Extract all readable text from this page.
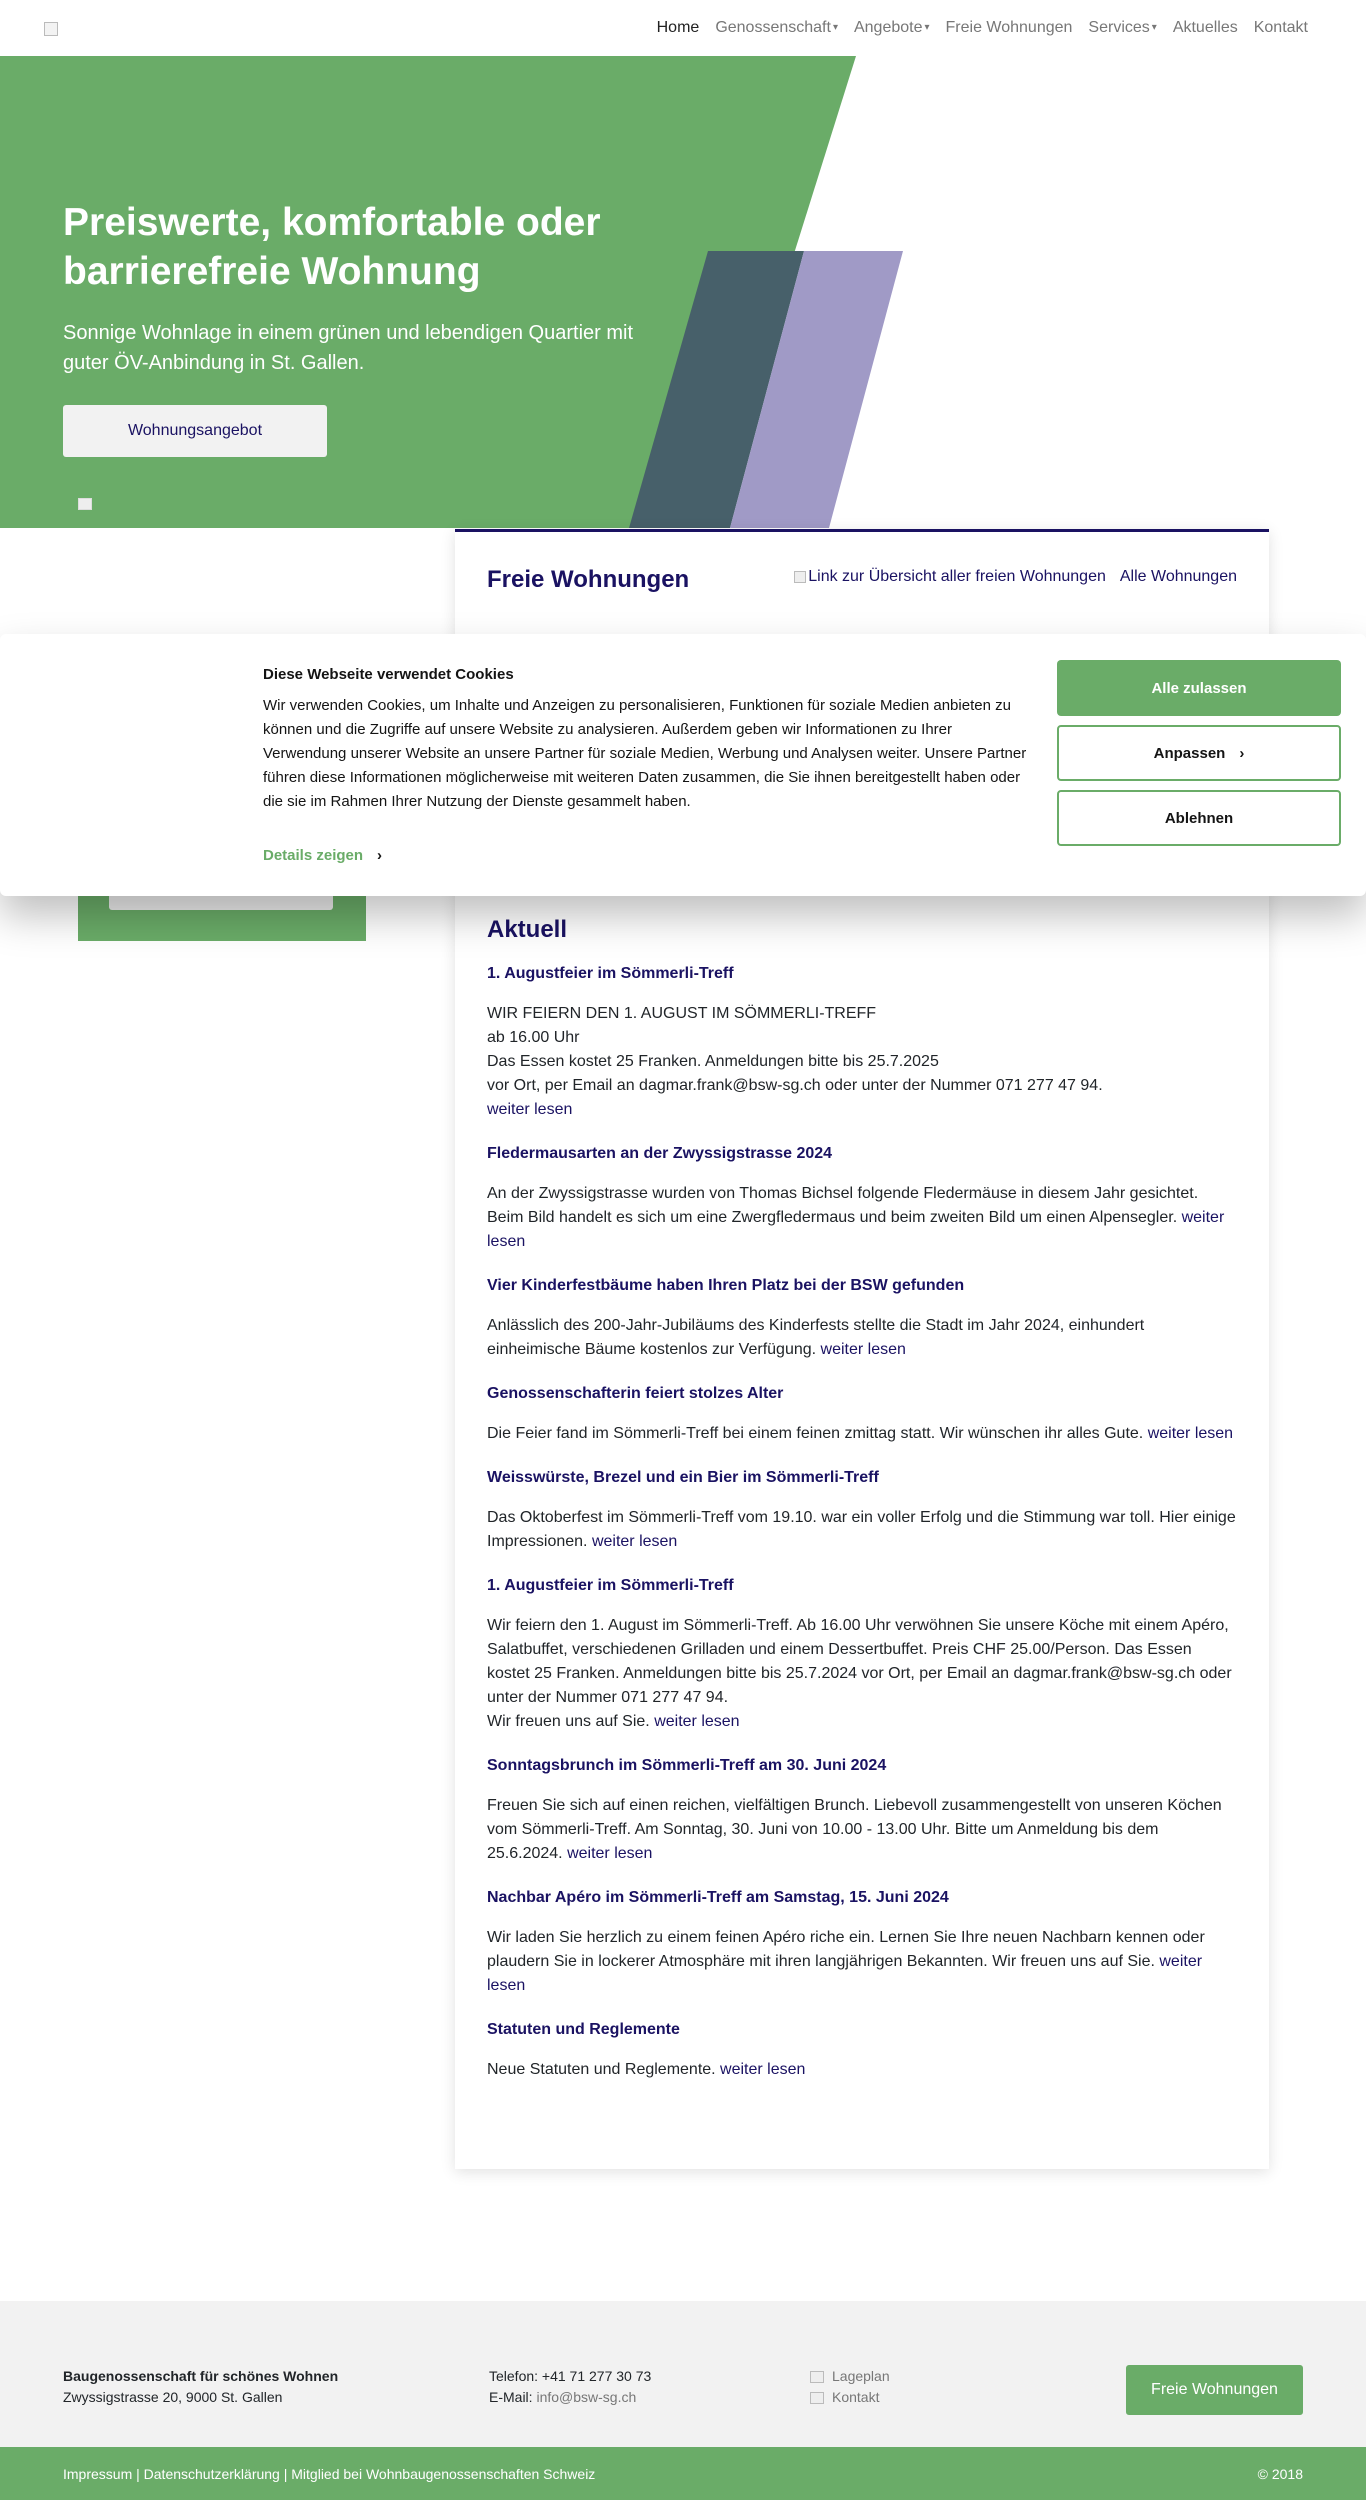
Home	Genossenschaft ▾	Angebote ▾	Freie Wohnungen	Services ▾	Aktuelles	Kontakt
Preiswerte, komfortable oder barrierefreie Wohnung

Sonnige Wohnlage in einem grünen und lebendigen Quartier mit guter ÖV-Anbindung in St. Gallen.

Wohnungsangebot
Freie Wohnungen	Link zur Übersicht aller freien Wohnungen Alle Wohnungen
Aktuell
1. Augustfeier im Sömmerli-Treff
WIR FEIERN DEN 1. AUGUST IM SÖMMERLI-TREFF
ab 16.00 Uhr
Das Essen kostet 25 Franken. Anmeldungen bitte bis 25.7.2025
vor Ort, per Email an dagmar.frank@bsw-sg.ch oder unter der Nummer 071 277 47 94.
weiter lesen
Fledermausarten an der Zwyssigstrasse 2024
An der Zwyssigstrasse wurden von Thomas Bichsel folgende Fledermäuse in diesem Jahr gesichtet. Beim Bild handelt es sich um eine Zwergfledermaus und beim zweiten Bild um einen Alpensegler. weiter lesen
Vier Kinderfestbäume haben Ihren Platz bei der BSW gefunden
Anlässlich des 200-Jahr-Jubiläums des Kinderfests stellte die Stadt im Jahr 2024, einhundert einheimische Bäume kostenlos zur Verfügung. weiter lesen
Genossenschafterin feiert stolzes Alter
Die Feier fand im Sömmerli-Treff bei einem feinen zmittag statt. Wir wünschen ihr alles Gute. weiter lesen
Weisswürste, Brezel und ein Bier im Sömmerli-Treff
Das Oktoberfest im Sömmerli-Treff vom 19.10. war ein voller Erfolg und die Stimmung war toll. Hier einige Impressionen. weiter lesen
1. Augustfeier im Sömmerli-Treff
Wir feiern den 1. August im Sömmerli-Treff. Ab 16.00 Uhr verwöhnen Sie unsere Köche mit einem Apéro, Salatbuffet, verschiedenen Grilladen und einem Dessertbuffet. Preis CHF 25.00/Person. Das Essen kostet 25 Franken. Anmeldungen bitte bis 25.7.2024 vor Ort, per Email an dagmar.frank@bsw-sg.ch oder unter der Nummer 071 277 47 94.
Wir freuen uns auf Sie. weiter lesen
Sonntagsbrunch im Sömmerli-Treff am 30. Juni 2024
Freuen Sie sich auf einen reichen, vielfältigen Brunch. Liebevoll zusammengestellt von unseren Köchen vom Sömmerli-Treff. Am Sonntag, 30. Juni von 10.00 - 13.00 Uhr. Bitte um Anmeldung bis dem 25.6.2024. weiter lesen
Nachbar Apéro im Sömmerli-Treff am Samstag, 15. Juni 2024
Wir laden Sie herzlich zu einem feinen Apéro riche ein. Lernen Sie Ihre neuen Nachbarn kennen oder plaudern Sie in lockerer Atmosphäre mit ihren langjährigen Bekannten. Wir freuen uns auf Sie. weiter lesen
Statuten und Reglemente
Neue Statuten und Reglemente. weiter lesen
Diese Webseite verwendet Cookies
Wir verwenden Cookies, um Inhalte und Anzeigen zu personalisieren, Funktionen für soziale Medien anbieten zu können und die Zugriffe auf unsere Website zu analysieren. Außerdem geben wir Informationen zu Ihrer Verwendung unserer Website an unsere Partner für soziale Medien, Werbung und Analysen weiter. Unsere Partner führen diese Informationen möglicherweise mit weiteren Daten zusammen, die Sie ihnen bereitgestellt haben oder die sie im Rahmen Ihrer Nutzung der Dienste gesammelt haben.
Details zeigen ›
Alle zulassen
Anpassen ›
Ablehnen
Baugenossenschaft für schönes Wohnen
Zwyssigstrasse 20, 9000 St. Gallen
Telefon: +41 71 277 30 73
E-Mail: info@bsw-sg.ch
Lageplan
Kontakt	Freie Wohnungen
Impressum | Datenschutzerklärung | Mitglied bei Wohnbaugenossenschaften Schweiz	© 2018
